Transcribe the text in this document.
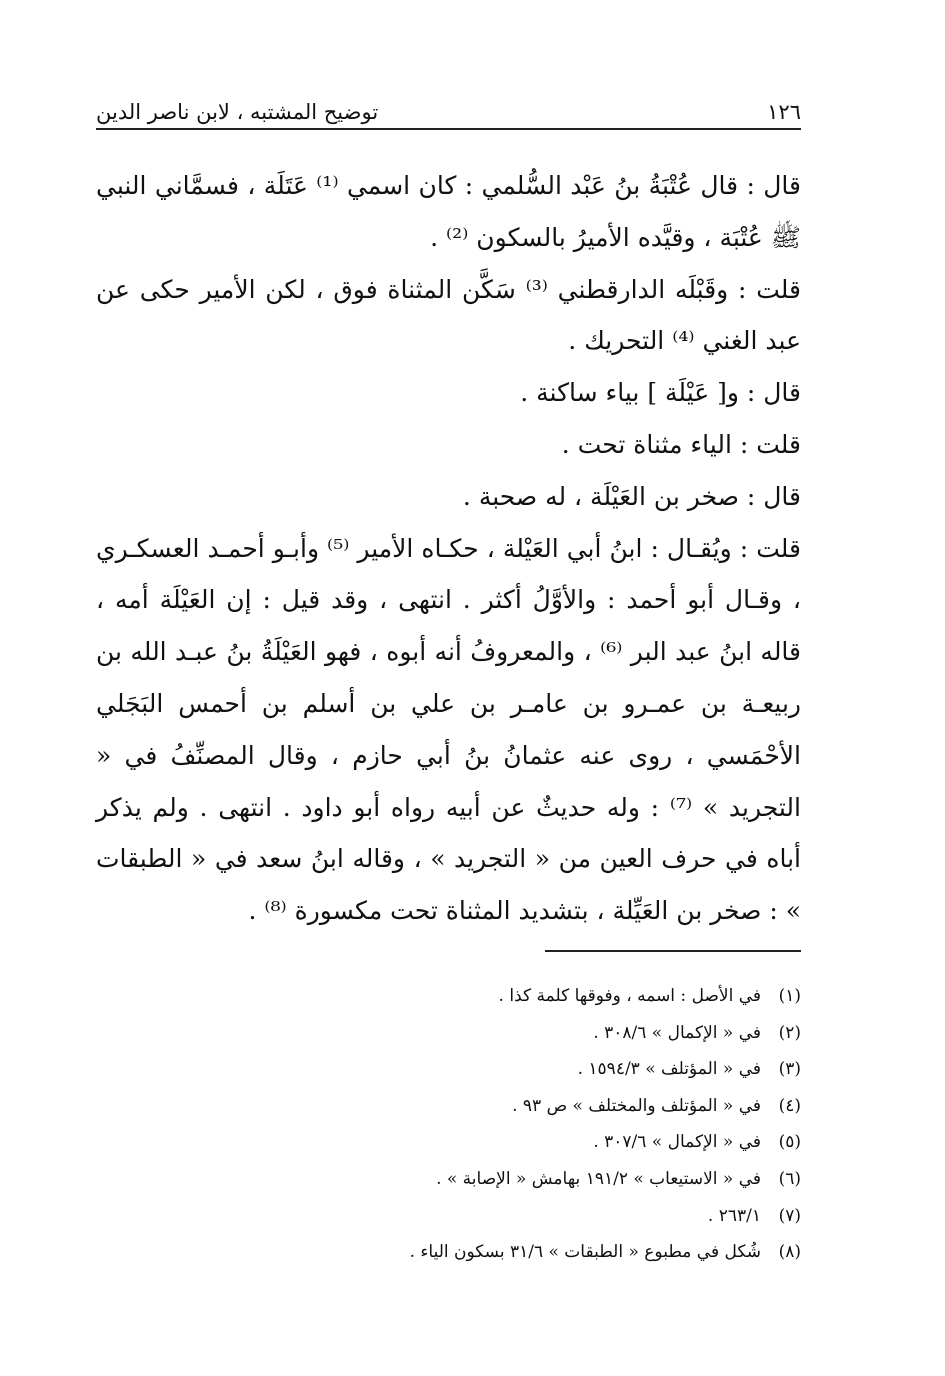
١٢٦
توضيح المشتبه ، لابن ناصر الدين

قال : قال عُتْبَةُ بنُ عَبْد السُّلمي : كان اسمي ⁽¹⁾ عَتَلَة ، فسمَّاني النبي ﷺ عُتْبَة ، وقيَّده الأميرُ بالسكون ⁽²⁾ .

قلت : وقَبْلَه الدارقطني ⁽³⁾ سَكَّن المثناة فوق ، لكن الأمير حكى عن عبد الغني ⁽⁴⁾ التحريك .

قال : و[ عَيْلَة ] بياء ساكنة .

قلت : الياء مثناة تحت .

قال : صخر بن العَيْلَة ، له صحبة .

قلت : ويُقـال : ابنُ أبي العَيْلة ، حكـاه الأمير ⁽⁵⁾ وأبـو أحمـد العسكـري ، وقـال أبو أحمد : والأوَّلُ أكثر . انتهى ، وقد قيل : إن العَيْلَة أمه ، قاله ابنُ عبد البر ⁽⁶⁾ ، والمعروفُ أنه أبوه ، فهو العَيْلَةُ بنُ عبـد الله بن ربيعـة بن عمـرو بن عامـر بن علي بن أسلم بن أحمس البَجَلي الأحْمَسي ، روى عنه عثمانُ بنُ أبي حازم ، وقال المصنِّفُ في « التجريد » ⁽⁷⁾ : وله حديثٌ عن أبيه رواه أبو داود . انتهى . ولم يذكر أباه في حرف العين من « التجريد » ، وقاله ابنُ سعد في « الطبقات » : صخر بن العَيِّلة ، بتشديد المثناة تحت مكسورة ⁽⁸⁾ .

(١)
في الأصل : اسمه ، وفوقها كلمة كذا .
(٢)
في « الإكمال » ٣٠٨/٦ .
(٣)
في « المؤتلف » ١٥٩٤/٣ .
(٤)
في « المؤتلف والمختلف » ص ٩٣ .
(٥)
في « الإكمال » ٣٠٧/٦ .
(٦)
في « الاستيعاب » ١٩١/٢ بهامش « الإصابة » .
(٧)
٢٦٣/١ .
(٨)
شُكل في مطبوع « الطبقات » ٣١/٦ بسكون الياء .
